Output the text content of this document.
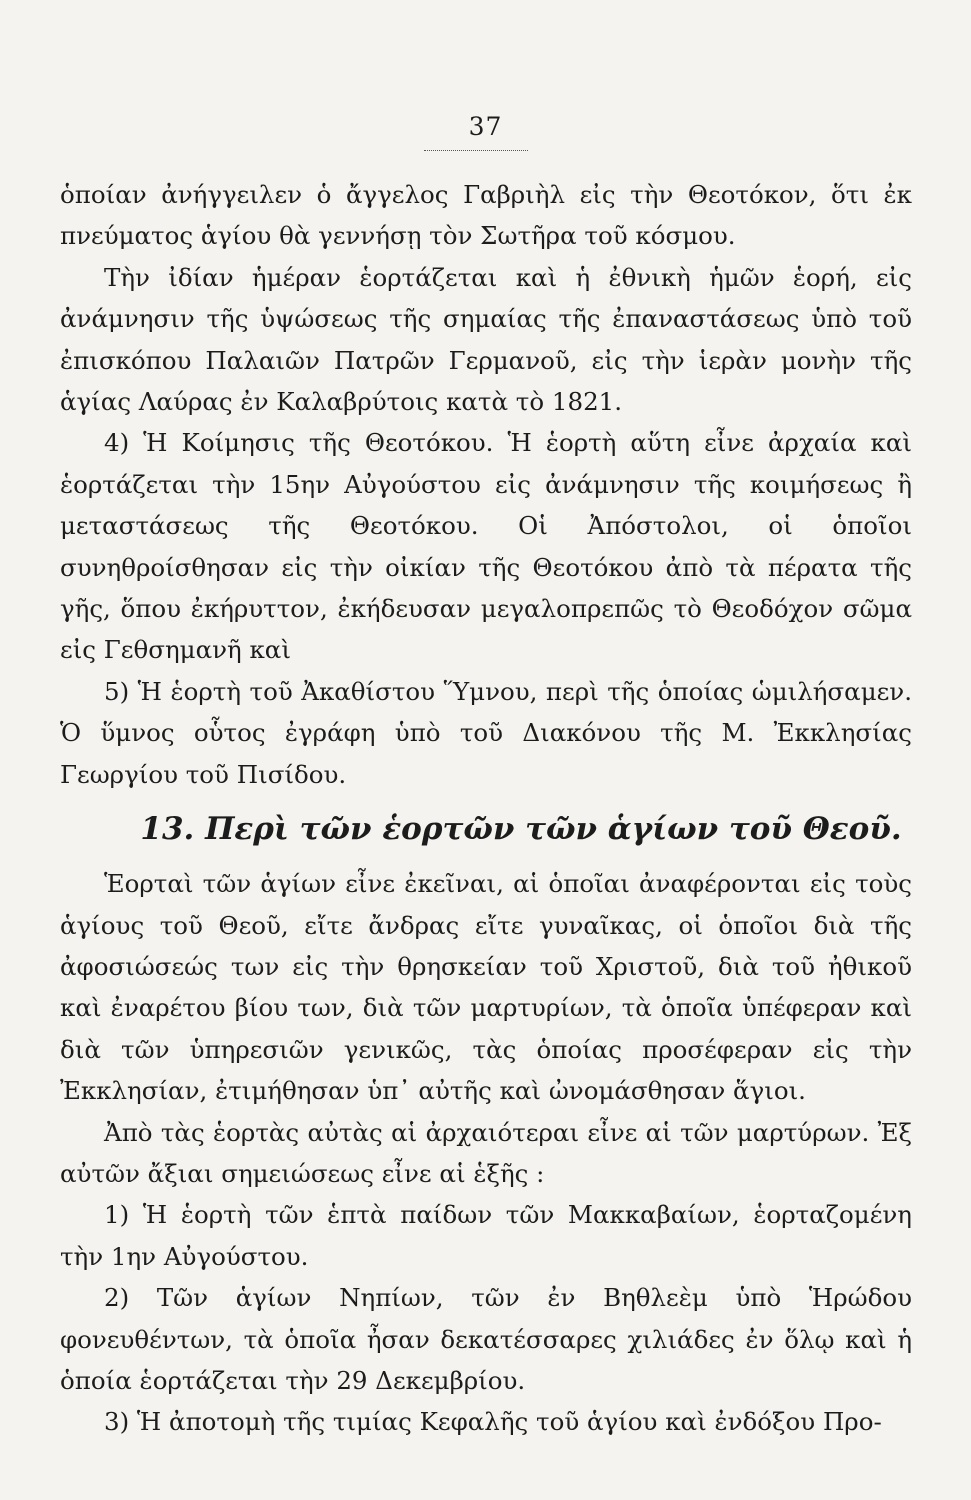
37

ὁποίαν ἀνήγγειλεν ὁ ἄγγελος Γαβριὴλ εἰς τὴν Θεοτόκον, ὅτι ἐκ πνεύματος ἁγίου θὰ γεννήσῃ τὸν Σωτῆρα τοῦ κόσμου.

Τὴν ἰδίαν ἡμέραν ἑορτάζεται καὶ ἡ ἐθνικὴ ἡμῶν ἑορή, εἰς ἀνάμνησιν τῆς ὑψώσεως τῆς σημαίας τῆς ἐπαναστάσεως ὑπὸ τοῦ ἐπισκόπου Παλαιῶν Πατρῶν Γερμανοῦ, εἰς τὴν ἱερὰν μονὴν τῆς ἁγίας Λαύρας ἐν Καλαβρύτοις κατὰ τὸ 1821.

4) Ἡ Κοίμησις τῆς Θεοτόκου. Ἡ ἑορτὴ αὕτη εἶνε ἀρχαία καὶ ἑορτάζεται τὴν 15ην Αὐγούστου εἰς ἀνάμνησιν τῆς κοιμήσεως ἢ μεταστάσεως τῆς Θεοτόκου. Οἱ Ἀπόστολοι, οἱ ὁποῖοι συνηθροίσθησαν εἰς τὴν οἰκίαν τῆς Θεοτόκου ἀπὸ τὰ πέρατα τῆς γῆς, ὅπου ἐκήρυττον, ἐκήδευσαν μεγαλοπρεπῶς τὸ Θεοδόχον σῶμα εἰς Γεθσημανῆ καὶ

5) Ἡ ἑορτὴ τοῦ Ἀκαθίστου Ὕμνου, περὶ τῆς ὁποίας ὡμιλήσαμεν. Ὁ ὕμνος οὗτος ἐγράφη ὑπὸ τοῦ Διακόνου τῆς Μ. Ἐκκλησίας Γεωργίου τοῦ Πισίδου.

13. Περὶ τῶν ἑορτῶν τῶν ἁγίων τοῦ Θεοῦ.

Ἑορταὶ τῶν ἁγίων εἶνε ἐκεῖναι, αἱ ὁποῖαι ἀναφέρονται εἰς τοὺς ἁγίους τοῦ Θεοῦ, εἴτε ἄνδρας εἴτε γυναῖκας, οἱ ὁποῖοι διὰ τῆς ἀφοσιώσεώς των εἰς τὴν θρησκείαν τοῦ Χριστοῦ, διὰ τοῦ ἠθικοῦ καὶ ἐναρέτου βίου των, διὰ τῶν μαρτυρίων, τὰ ὁποῖα ὑπέφεραν καὶ διὰ τῶν ὑπηρεσιῶν γενικῶς, τὰς ὁποίας προσέφεραν εἰς τὴν Ἐκκλησίαν, ἐτιμήθησαν ὑπ᾽ αὐτῆς καὶ ὠνομάσθησαν ἅγιοι.

Ἀπὸ τὰς ἑορτὰς αὐτὰς αἱ ἀρχαιότεραι εἶνε αἱ τῶν μαρτύρων. Ἐξ αὐτῶν ἄξιαι σημειώσεως εἶνε αἱ ἑξῆς :

1) Ἡ ἑορτὴ τῶν ἑπτὰ παίδων τῶν Μακκαβαίων, ἑορταζομένη τὴν 1ην Αὐγούστου.

2) Τῶν ἁγίων Νηπίων, τῶν ἐν Βηθλεὲμ ὑπὸ Ἡρώδου φονευθέντων, τὰ ὁποῖα ἦσαν δεκατέσσαρες χιλιάδες ἐν ὅλῳ καὶ ἡ ὁποία ἑορτάζεται τὴν 29 Δεκεμβρίου.

3) Ἡ ἀποτομὴ τῆς τιμίας Κεφαλῆς τοῦ ἁγίου καὶ ἐνδόξου Προ-
